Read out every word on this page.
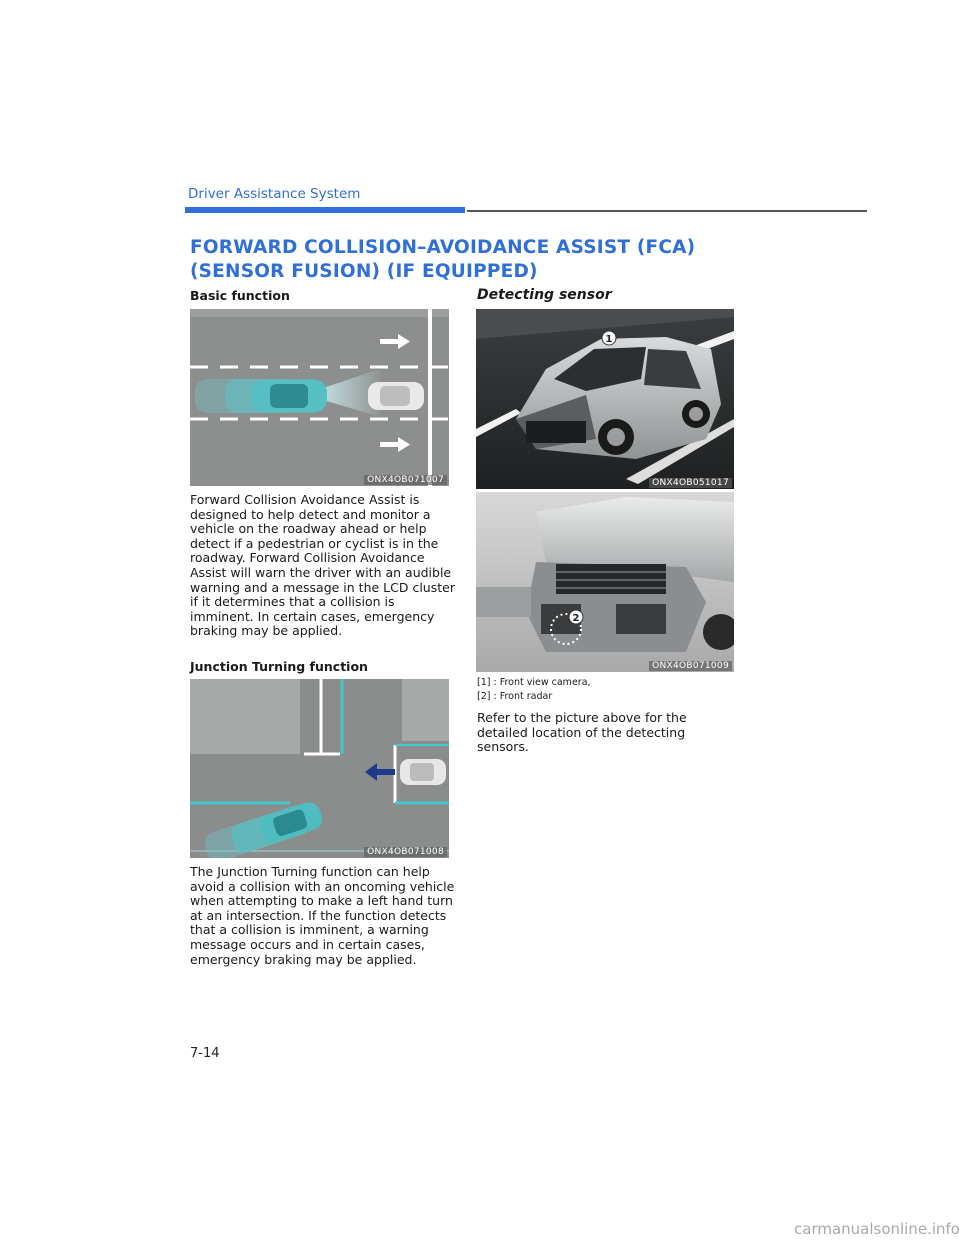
Driver Assistance System
FORWARD COLLISION–AVOIDANCE ASSIST (FCA) (SENSOR FUSION) (IF EQUIPPED)
Basic function
ONX4OB071007
Forward Collision Avoidance Assist is designed to help detect and monitor a vehicle on the roadway ahead or help detect if a pedestrian or cyclist is in the roadway. Forward Collision Avoidance Assist will warn the driver with an audible warning and a message in the LCD cluster if it determines that a collision is imminent. In certain cases, emergency braking may be applied.
Junction Turning function
ONX4OB071008
The Junction Turning function can help avoid a collision with an oncoming vehicle when attempting to make a left hand turn at an intersection. If the function detects that a collision is imminent, a warning message occurs and in certain cases, emergency braking may be applied.
Detecting sensor
1
ONX4OB051017
2
ONX4OB071009
[1] : Front view camera,
[2] : Front radar
Refer to the picture above for the detailed location of the detecting sensors.
7-14
carmanualsonline.info
